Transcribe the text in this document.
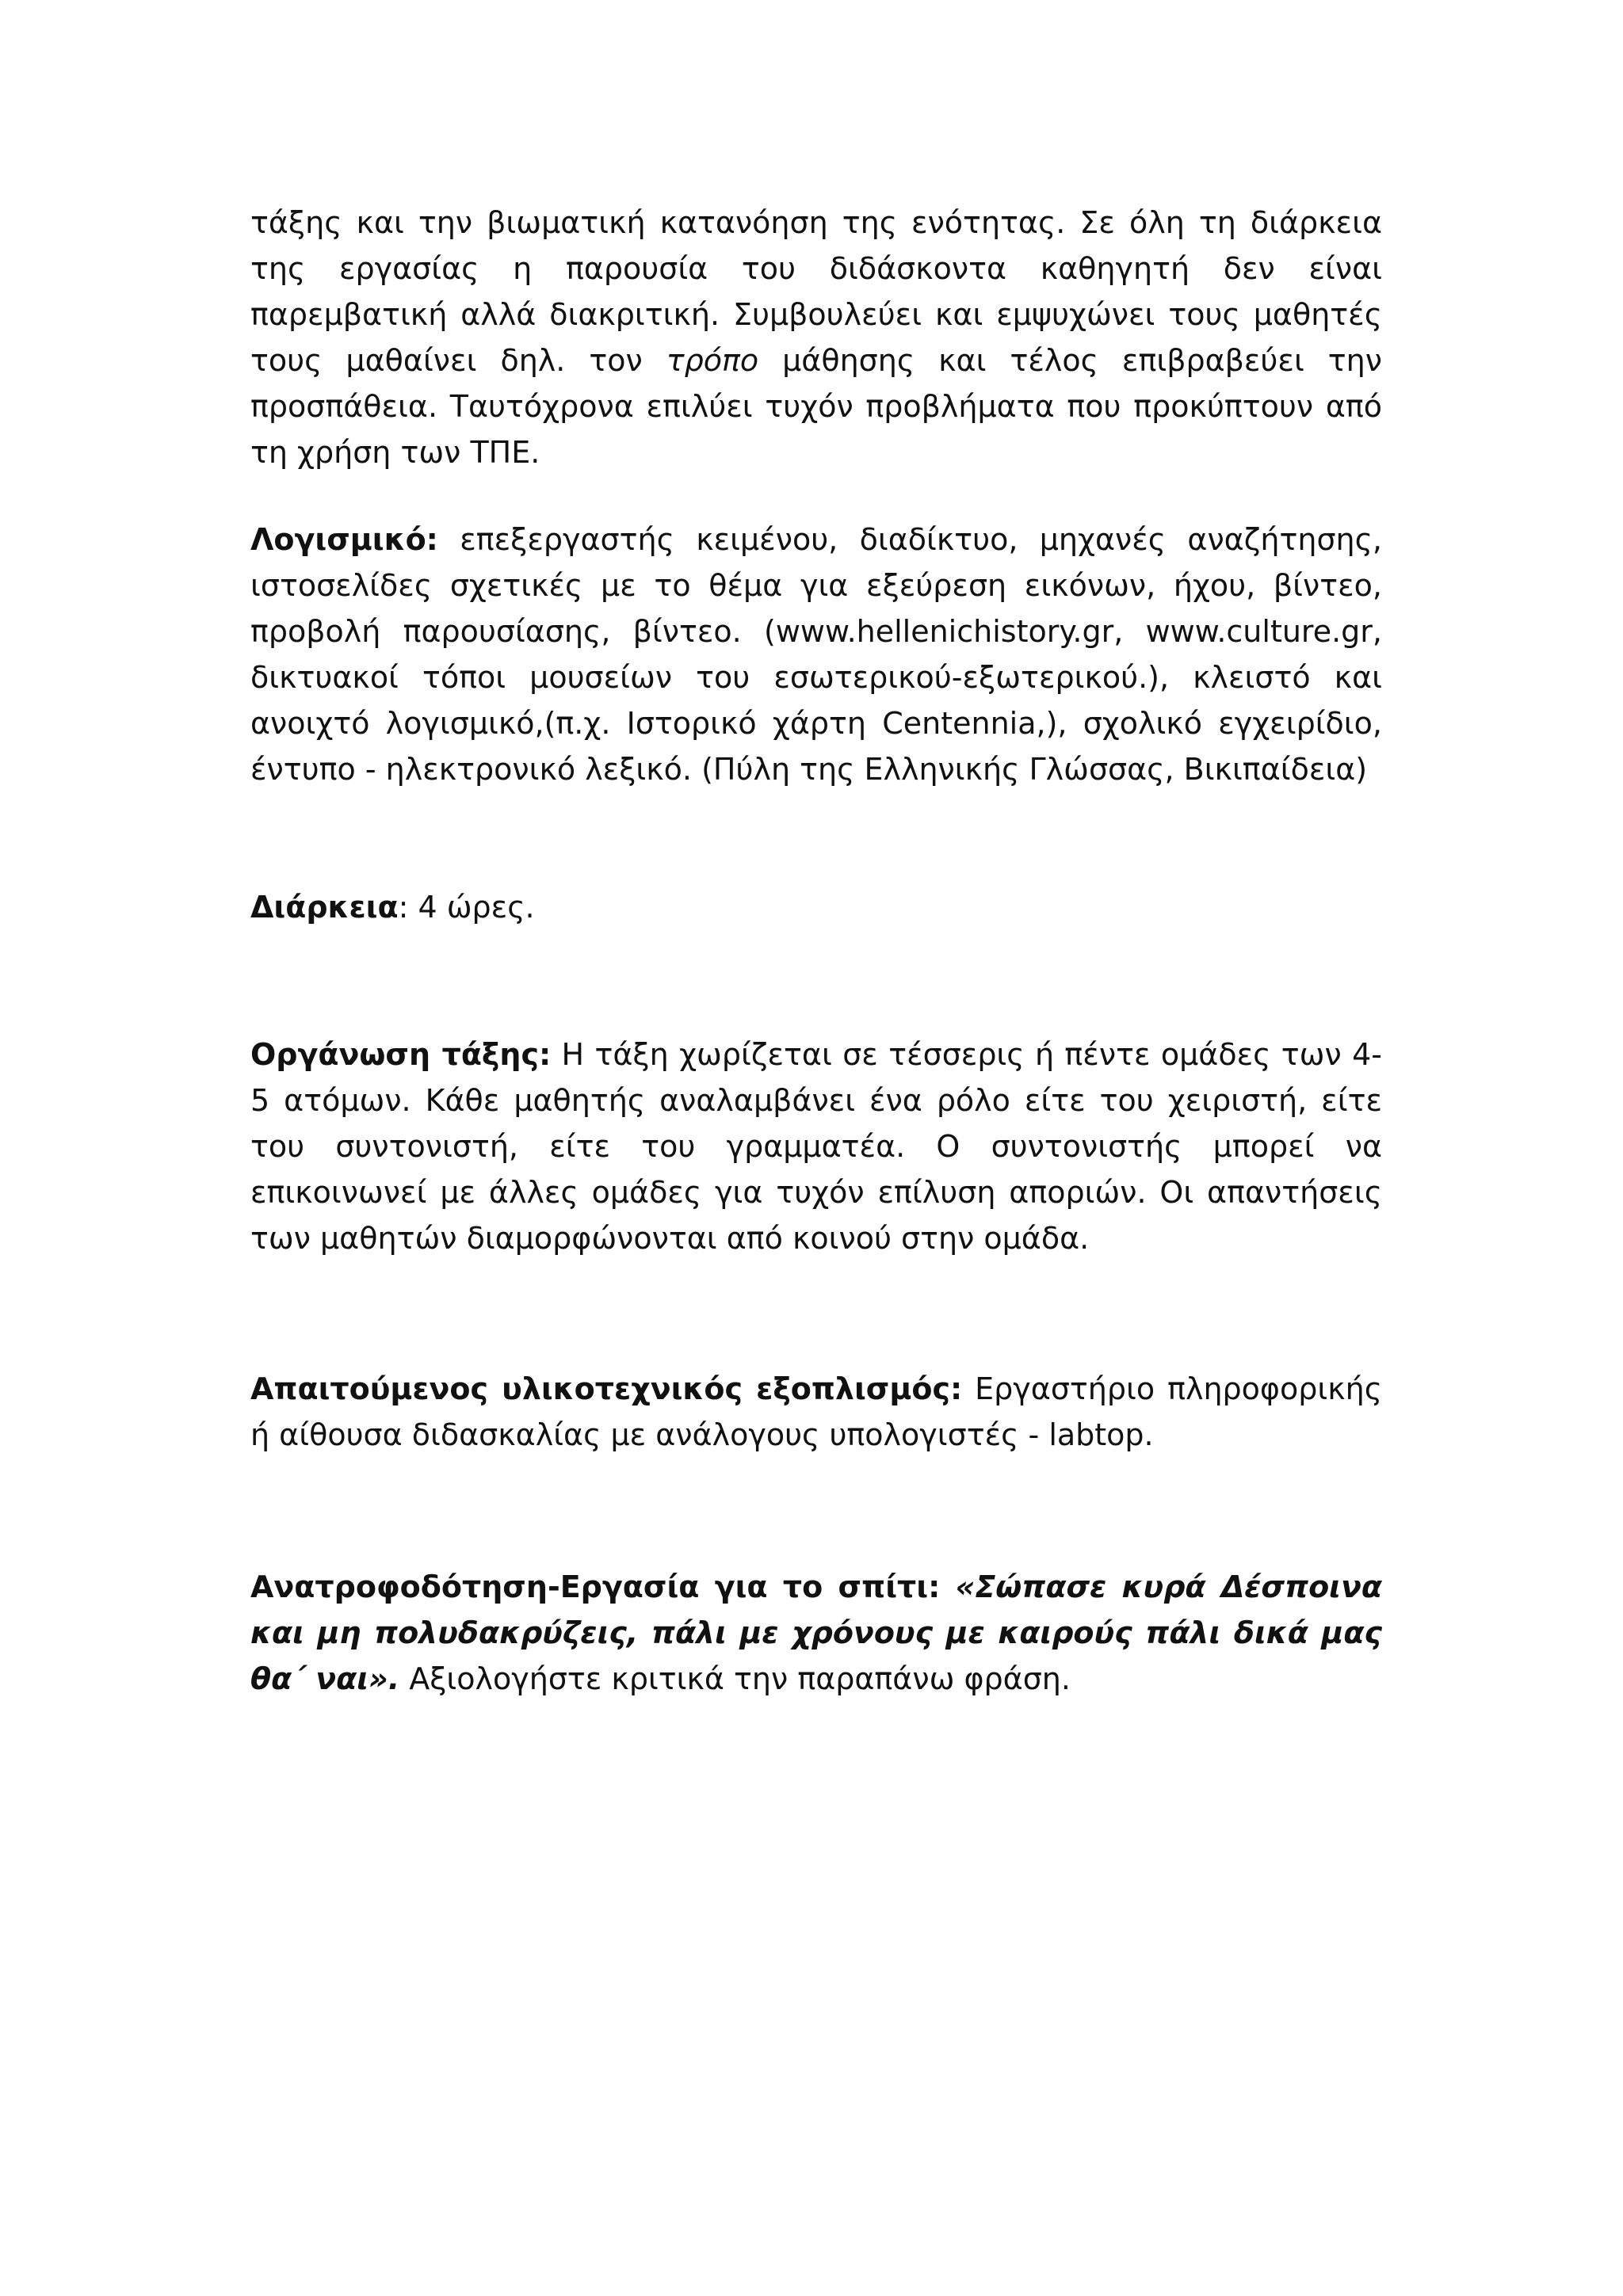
τάξης και την βιωματική κατανόηση της ενότητας. Σε όλη τη διάρκεια της εργασίας η παρουσία του διδάσκοντα καθηγητή δεν είναι παρεμβατική αλλά διακριτική. Συμβουλεύει και εμψυχώνει τους μαθητές τους μαθαίνει δηλ. τον τρόπο μάθησης και τέλος επιβραβεύει την προσπάθεια. Ταυτόχρονα επιλύει τυχόν προβλήματα που προκύπτουν από τη χρήση των ΤΠΕ.

Λογισμικό: επεξεργαστής κειμένου, διαδίκτυο, μηχανές αναζήτησης, ιστοσελίδες σχετικές με το θέμα για εξεύρεση εικόνων, ήχου, βίντεο, προβολή παρουσίασης, βίντεο. (www.hellenichistory.gr, www.culture.gr, δικτυακοί τόποι μουσείων του εσωτερικού-εξωτερικού.), κλειστό και ανοιχτό λογισμικό,(π.χ. Ιστορικό χάρτη Centennia,), σχολικό εγχειρίδιο, έντυπο - ηλεκτρονικό λεξικό. (Πύλη της Ελληνικής Γλώσσας, Βικιπαίδεια)

Διάρκεια: 4 ώρες.

Οργάνωση τάξης: Η τάξη χωρίζεται σε τέσσερις ή πέντε ομάδες των 4-5 ατόμων. Κάθε μαθητής αναλαμβάνει ένα ρόλο είτε του χειριστή, είτε του συντονιστή, είτε του γραμματέα. Ο συντονιστής μπορεί να επικοινωνεί με άλλες ομάδες για τυχόν επίλυση αποριών. Οι απαντήσεις των μαθητών διαμορφώνονται από κοινού στην ομάδα.

Απαιτούμενος υλικοτεχνικός εξοπλισμός: Εργαστήριο πληροφορικής ή αίθουσα διδασκαλίας με ανάλογους υπολογιστές - labtop.

Ανατροφοδότηση-Εργασία για το σπίτι: «Σώπασε κυρά Δέσποινα και μη πολυδακρύζεις, πάλι με χρόνους με καιρούς πάλι δικά μας θα΄ ναι». Αξιολογήστε κριτικά την παραπάνω φράση.
